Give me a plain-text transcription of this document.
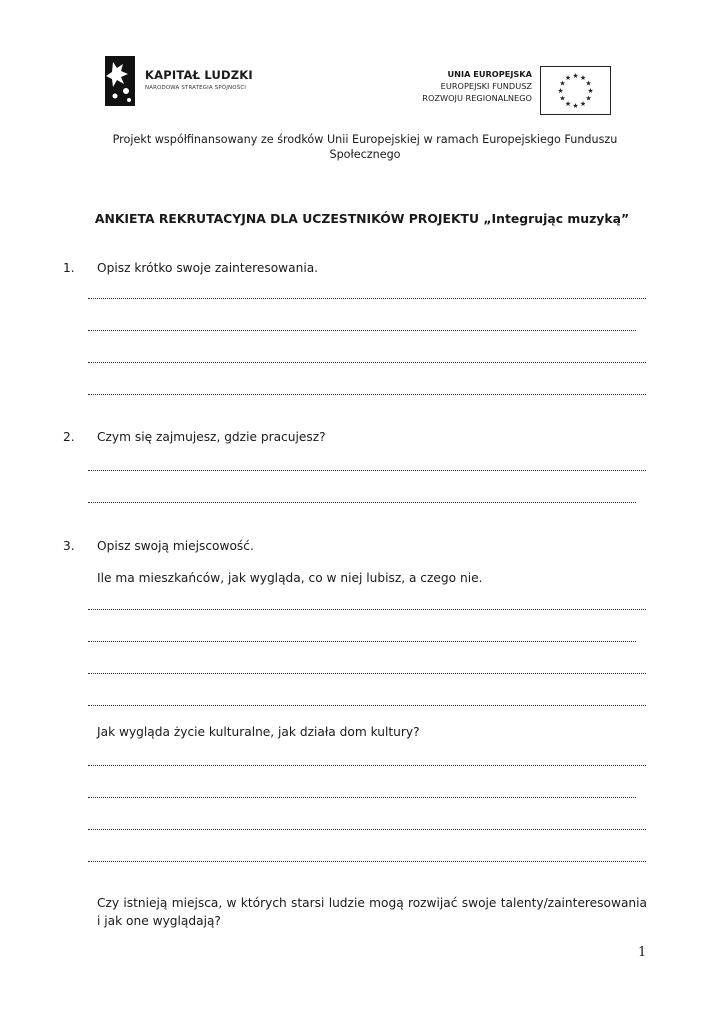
KAPITAŁ LUDZKI
NARODOWA STRATEGIA SPÓJNOŚCI
UNIA EUROPEJSKA
EUROPEJSKI FUNDUSZ
ROZWOJU REGIONALNEGO
★ ★
★
★
★
★
★
★
★
★
★
★
Projekt współfinansowany ze środków Unii Europejskiej w ramach Europejskiego Funduszu Społecznego
ANKIETA REKRUTACYJNA DLA UCZESTNIKÓW PROJEKTU „Integrując muzyką”
1. Opisz krótko swoje zainteresowania.
2. Czym się zajmujesz, gdzie pracujesz?
3. Opisz swoją miejscowość.
Ile ma mieszkańców, jak wygląda, co w niej lubisz, a czego nie.
Jak wygląda życie kulturalne, jak działa dom kultury?
Czy istnieją miejsca, w których starsi ludzie mogą rozwijać swoje talenty/zainteresowania i jak one wyglądają?
1
